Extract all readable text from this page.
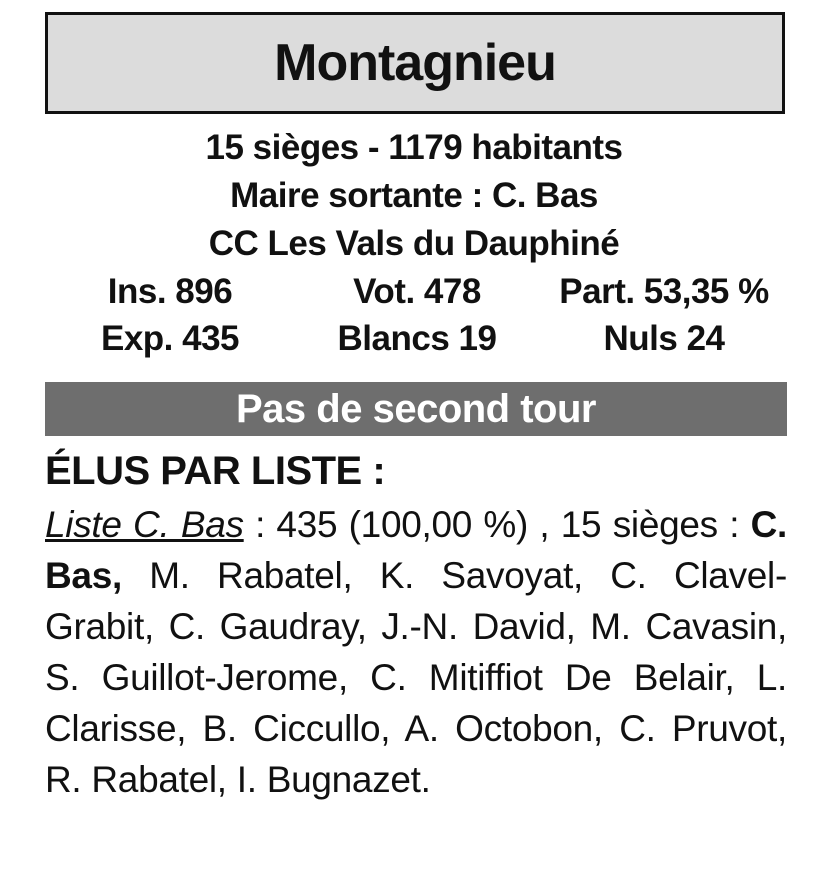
Montagnieu
15 sièges - 1179 habitants
Maire sortante : C. Bas
CC Les Vals du Dauphiné
Ins. 896	Vot. 478 Part. 53,35 %
Exp. 435	Blancs 19	Nuls 24
Pas de second tour
ÉLUS PAR LISTE :
Liste C. Bas : 435 (100,00 %) , 15 sièges : C. Bas, M. Rabatel, K. Savoyat, C. Clavel-Grabit, C. Gaudray, J.-N. David, M. Cavasin, S. Guillot-Jerome, C. Mitiffiot De Belair, L. Clarisse, B. Ciccullo, A. Octobon, C. Pruvot, R. Rabatel, I. Bugnazet.
